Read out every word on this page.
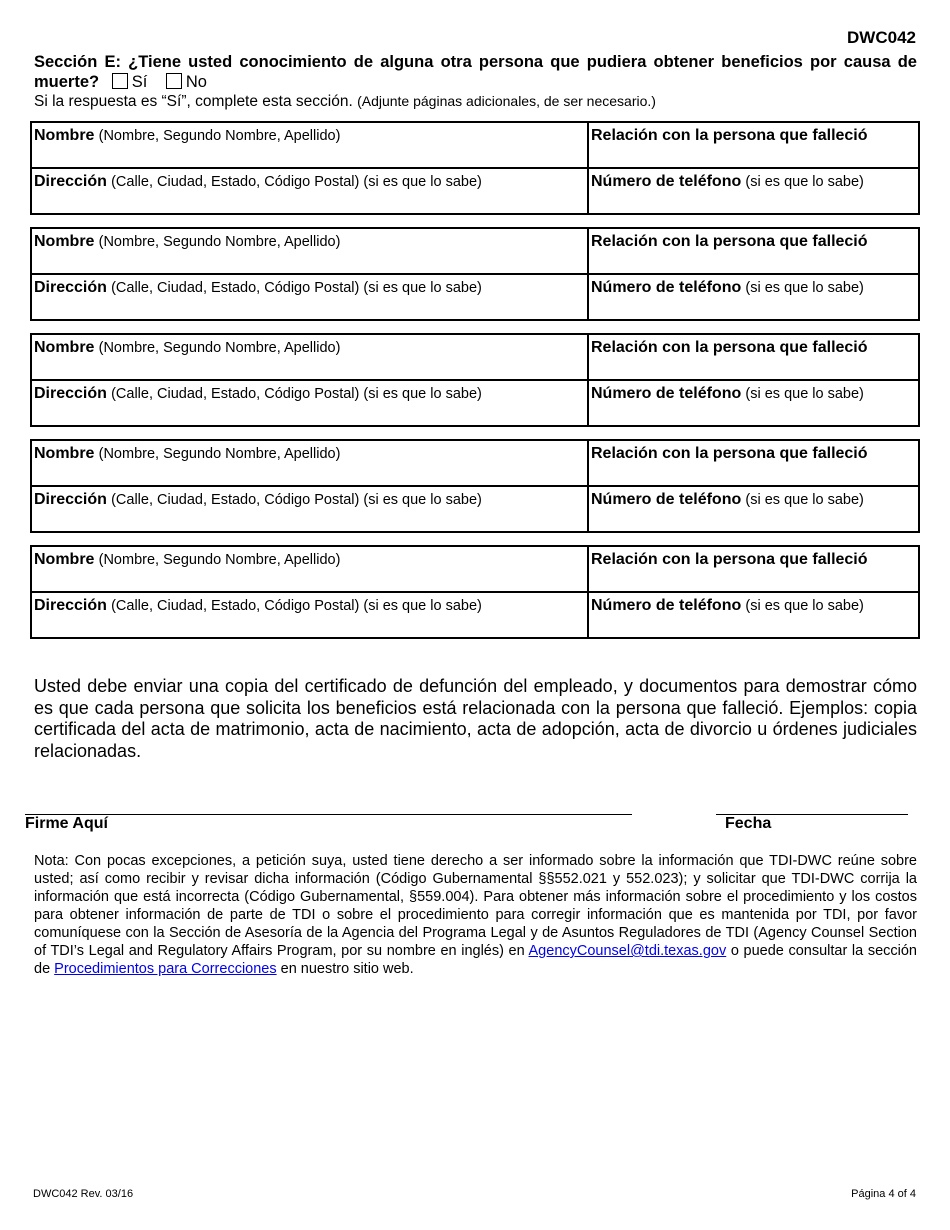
DWC042
Sección E: ¿Tiene usted conocimiento de alguna otra persona que pudiera obtener beneficios por causa de muerte? Sí No
Si la respuesta es “Sí”, complete esta sección. (Adjunte páginas adicionales, de ser necesario.)
Nombre (Nombre, Segundo Nombre, Apellido)	Relación con la persona que falleció
Dirección (Calle, Ciudad, Estado, Código Postal) (si es que lo sabe)	Número de teléfono (si es que lo sabe)
Nombre (Nombre, Segundo Nombre, Apellido)	Relación con la persona que falleció
Dirección (Calle, Ciudad, Estado, Código Postal) (si es que lo sabe)	Número de teléfono (si es que lo sabe)
Nombre (Nombre, Segundo Nombre, Apellido)	Relación con la persona que falleció
Dirección (Calle, Ciudad, Estado, Código Postal) (si es que lo sabe)	Número de teléfono (si es que lo sabe)
Nombre (Nombre, Segundo Nombre, Apellido)	Relación con la persona que falleció
Dirección (Calle, Ciudad, Estado, Código Postal) (si es que lo sabe)	Número de teléfono (si es que lo sabe)
Nombre (Nombre, Segundo Nombre, Apellido)	Relación con la persona que falleció
Dirección (Calle, Ciudad, Estado, Código Postal) (si es que lo sabe)	Número de teléfono (si es que lo sabe)
Usted debe enviar una copia del certificado de defunción del empleado, y documentos para demostrar cómo es que cada persona que solicita los beneficios está relacionada con la persona que falleció. Ejemplos: copia certificada del acta de matrimonio, acta de nacimiento, acta de adopción, acta de divorcio u órdenes judiciales relacionadas.
Firme Aquí	Fecha
Nota: Con pocas excepciones, a petición suya, usted tiene derecho a ser informado sobre la información que TDI-DWC reúne sobre usted; así como recibir y revisar dicha información (Código Gubernamental §§552.021 y 552.023); y solicitar que TDI-DWC corrija la información que está incorrecta (Código Gubernamental, §559.004). Para obtener más información sobre el procedimiento y los costos para obtener información de parte de TDI o sobre el procedimiento para corregir información que es mantenida por TDI, por favor comuníquese con la Sección de Asesoría de la Agencia del Programa Legal y de Asuntos Reguladores de TDI (Agency Counsel Section of TDI’s Legal and Regulatory Affairs Program, por su nombre en inglés) en AgencyCounsel@tdi.texas.gov o puede consultar la sección de Procedimientos para Correcciones en nuestro sitio web.
DWC042 Rev. 03/16	Página 4 of 4
